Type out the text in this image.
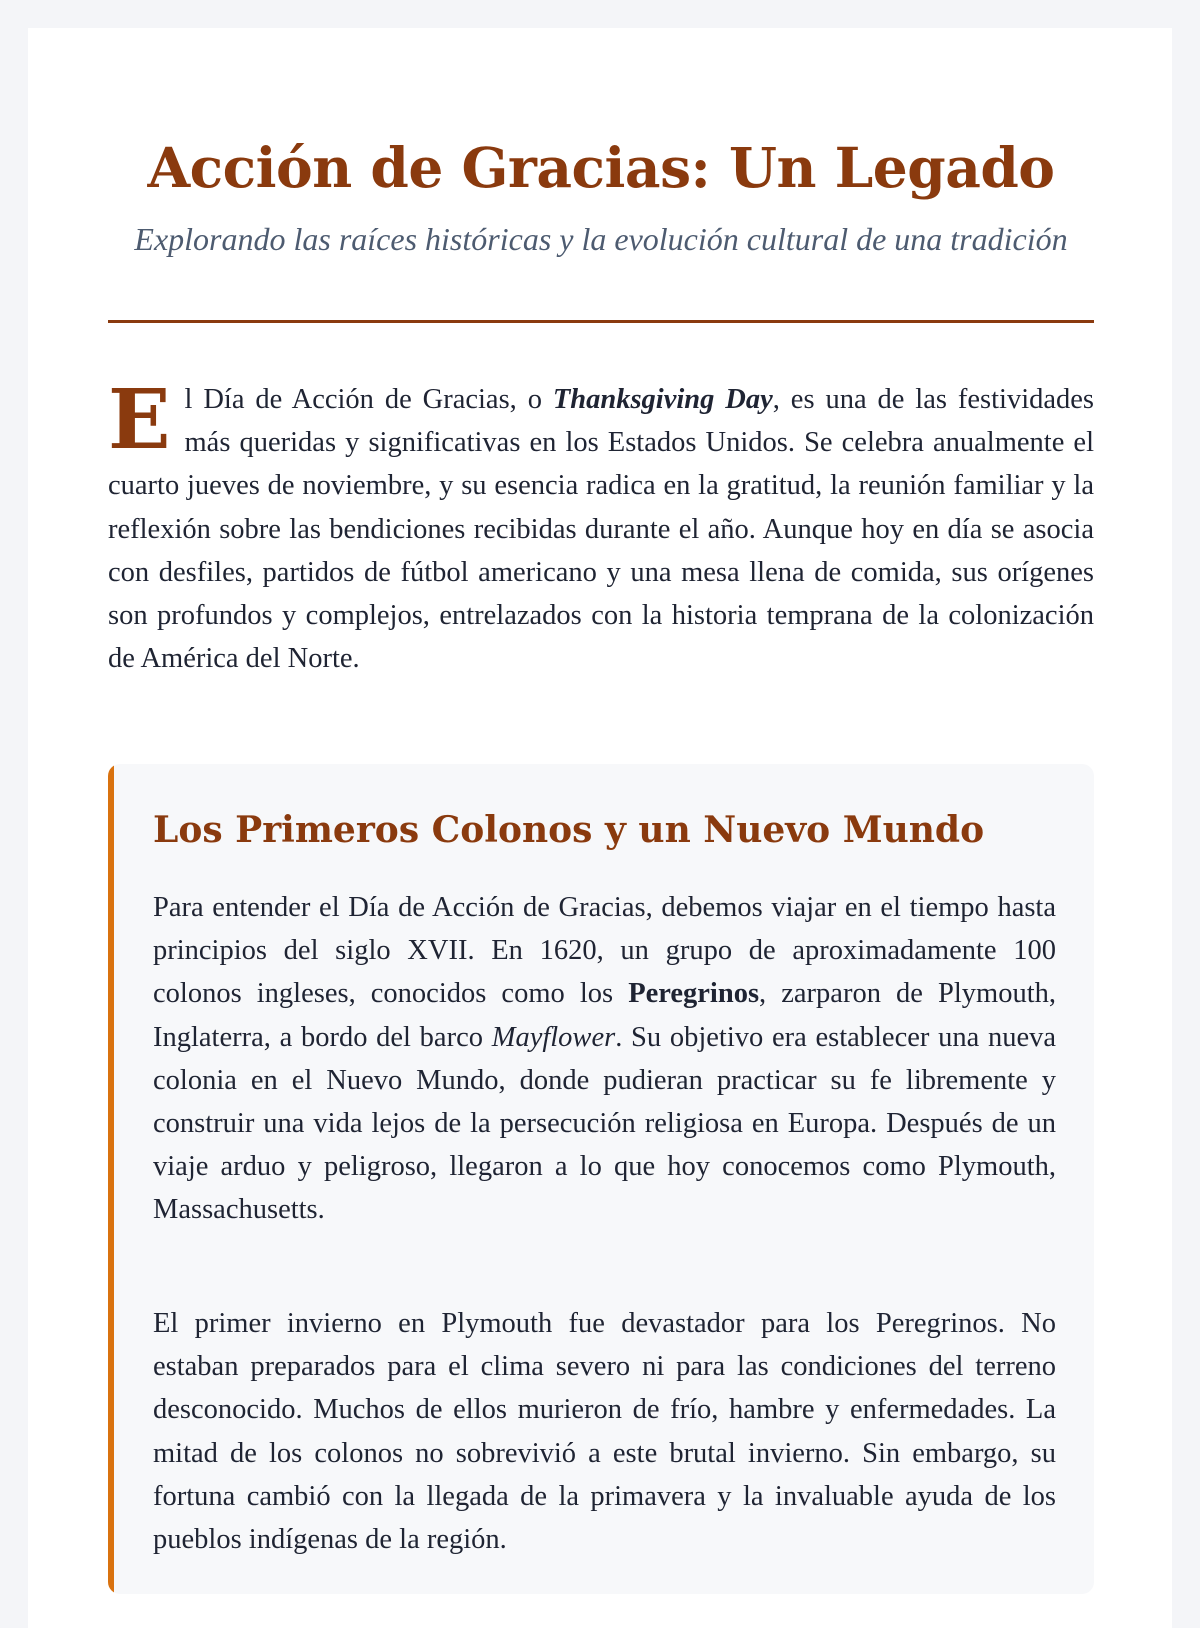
Acción de Gracias: Un Legado

Explorando las raíces históricas y la evolución cultural de una tradición

El Día de Acción de Gracias, o Thanksgiving Day, es una de las festividades más queridas y significativas en los Estados Unidos. Se celebra anualmente el cuarto jueves de noviembre, y su esencia radica en la gratitud, la reunión familiar y la reflexión sobre las bendiciones recibidas durante el año. Aunque hoy en día se asocia con desfiles, partidos de fútbol americano y una mesa llena de comida, sus orígenes son profundos y complejos, entrelazados con la historia temprana de la colonización de América del Norte.

Los Primeros Colonos y un Nuevo Mundo

Para entender el Día de Acción de Gracias, debemos viajar en el tiempo hasta principios del siglo XVII. En 1620, un grupo de aproximadamente 100 colonos ingleses, conocidos como los Peregrinos, zarparon de Plymouth, Inglaterra, a bordo del barco Mayflower. Su objetivo era establecer una nueva colonia en el Nuevo Mundo, donde pudieran practicar su fe libremente y construir una vida lejos de la persecución religiosa en Europa. Después de un viaje arduo y peligroso, llegaron a lo que hoy conocemos como Plymouth, Massachusetts.

El primer invierno en Plymouth fue devastador para los Peregrinos. No estaban preparados para el clima severo ni para las condiciones del terreno desconocido. Muchos de ellos murieron de frío, hambre y enfermedades. La mitad de los colonos no sobrevivió a este brutal invierno. Sin embargo, su fortuna cambió con la llegada de la primavera y la invaluable ayuda de los pueblos indígenas de la región.
